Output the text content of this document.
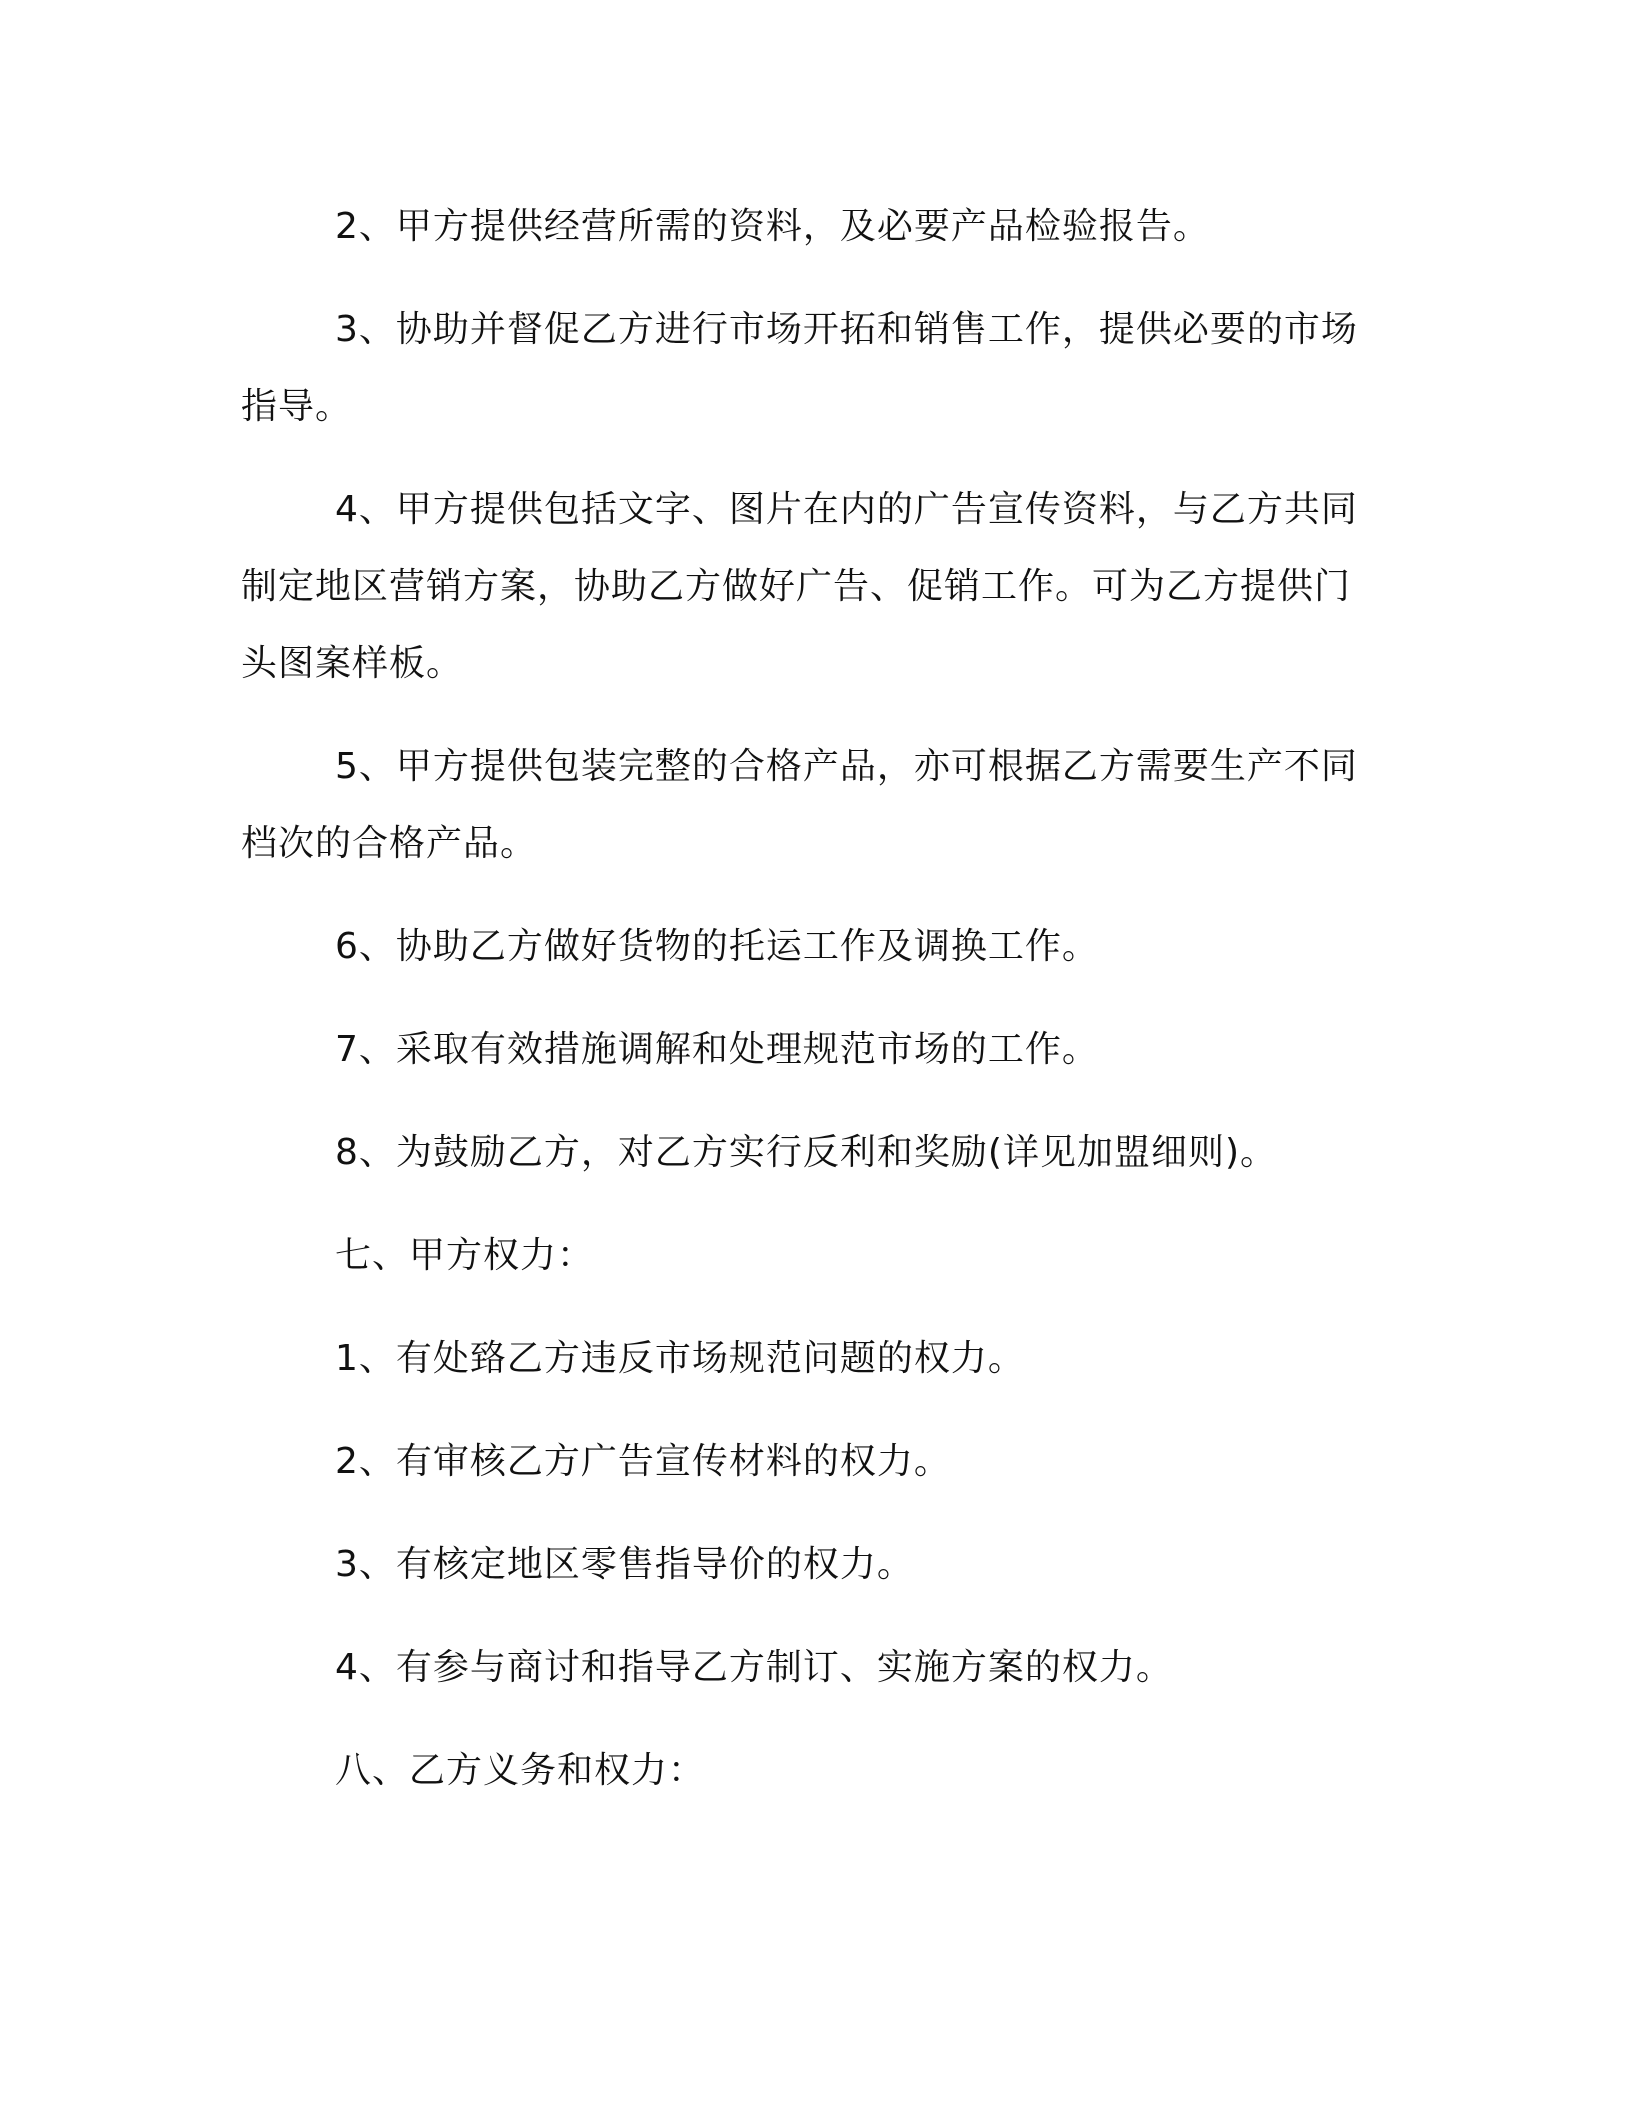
2、甲方提供经营所需的资料，及必要产品检验报告。

3、协助并督促乙方进行市场开拓和销售工作，提供必要的市场指导。

4、甲方提供包括文字、图片在内的广告宣传资料，与乙方共同制定地区营销方案，协助乙方做好广告、促销工作。可为乙方提供门头图案样板。

5、甲方提供包装完整的合格产品，亦可根据乙方需要生产不同档次的合格产品。

6、协助乙方做好货物的托运工作及调换工作。

7、采取有效措施调解和处理规范市场的工作。

8、为鼓励乙方，对乙方实行反利和奖励(详见加盟细则)。

七、甲方权力：

1、有处臵乙方违反市场规范问题的权力。

2、有审核乙方广告宣传材料的权力。

3、有核定地区零售指导价的权力。

4、有参与商讨和指导乙方制订、实施方案的权力。

八、乙方义务和权力：
